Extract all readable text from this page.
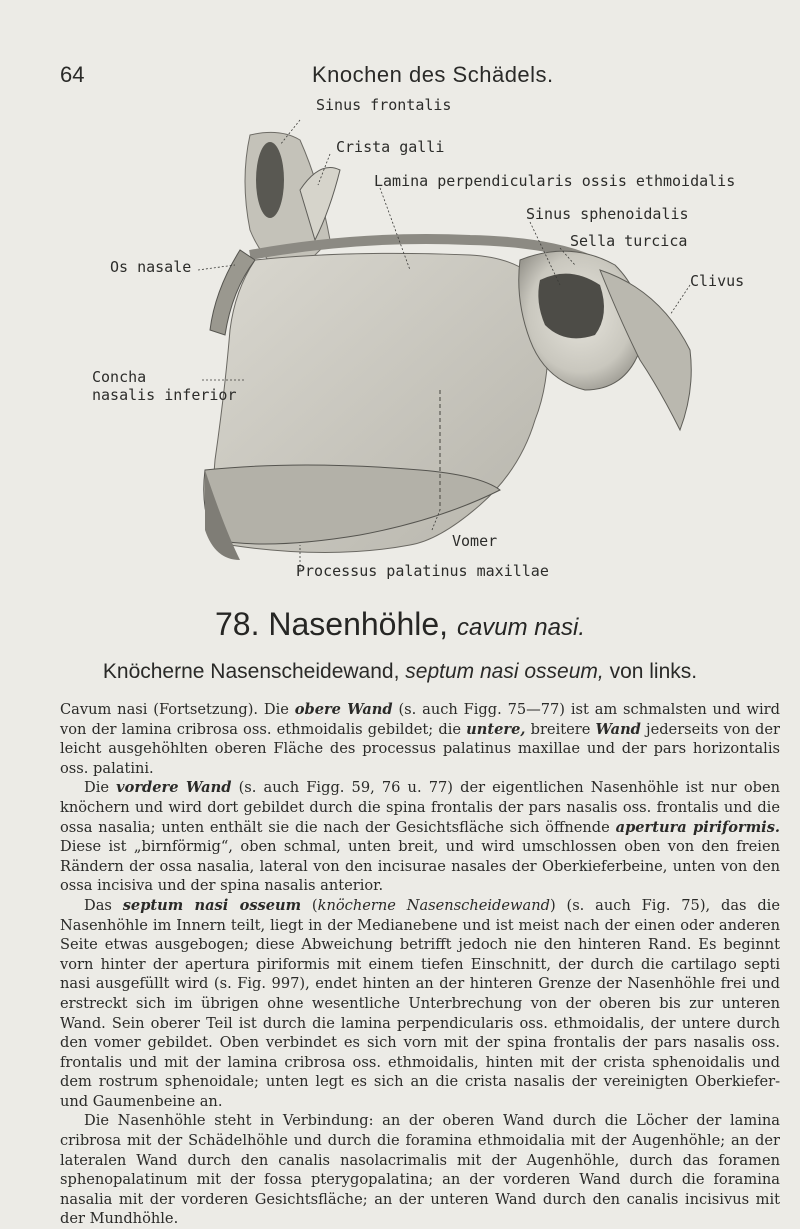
64	Knochen des Schädels.
Sinus frontalis
Crista galli
Lamina perpendicularis ossis ethmoidalis
Sinus sphenoidalis
Sella turcica
Clivus
Os nasale
Concha
nasalis inferior
Vomer
Processus palatinus maxillae
78. Nasenhöhle, cavum nasi.
Knöcherne Nasenscheidewand, septum nasi osseum, von links.

Cavum nasi (Fortsetzung). Die obere Wand (s. auch Figg. 75—77) ist am schmalsten und wird von der lamina cribrosa oss. ethmoidalis gebildet; die untere, breitere Wand jederseits von der leicht ausgehöhlten oberen Fläche des processus palatinus maxillae und der pars horizontalis oss. palatini.

Die vordere Wand (s. auch Figg. 59, 76 u. 77) der eigentlichen Nasenhöhle ist nur oben knöchern und wird dort gebildet durch die spina frontalis der pars nasalis oss. frontalis und die ossa nasalia; unten enthält sie die nach der Gesichtsfläche sich öffnende apertura piriformis. Diese ist „birnförmig“, oben schmal, unten breit, und wird umschlossen oben von den freien Rändern der ossa nasalia, lateral von den incisurae nasales der Oberkieferbeine, unten von den ossa incisiva und der spina nasalis anterior.

Das septum nasi osseum (knöcherne Nasenscheidewand) (s. auch Fig. 75), das die Nasenhöhle im Innern teilt, liegt in der Medianebene und ist meist nach der einen oder anderen Seite etwas ausgebogen; diese Abweichung betrifft jedoch nie den hinteren Rand. Es beginnt vorn hinter der apertura piriformis mit einem tiefen Einschnitt, der durch die cartilago septi nasi ausgefüllt wird (s. Fig. 997), endet hinten an der hinteren Grenze der Nasenhöhle frei und erstreckt sich im übrigen ohne wesentliche Unterbrechung von der oberen bis zur unteren Wand. Sein oberer Teil ist durch die lamina perpendicularis oss. ethmoidalis, der untere durch den vomer gebildet. Oben verbindet es sich vorn mit der spina frontalis der pars nasalis oss. frontalis und mit der lamina cribrosa oss. ethmoidalis, hinten mit der crista sphenoidalis und dem rostrum sphenoidale; unten legt es sich an die crista nasalis der vereinigten Oberkiefer- und Gaumenbeine an.

Die Nasenhöhle steht in Verbindung: an der oberen Wand durch die Löcher der lamina cribrosa mit der Schädelhöhle und durch die foramina ethmoidalia mit der Augenhöhle; an der lateralen Wand durch den canalis nasolacrimalis mit der Augenhöhle, durch das foramen sphenopalatinum mit der fossa pterygopalatina; an der vorderen Wand durch die foramina nasalia mit der vorderen Gesichtsfläche; an der unteren Wand durch den canalis incisivus mit der Mundhöhle.
